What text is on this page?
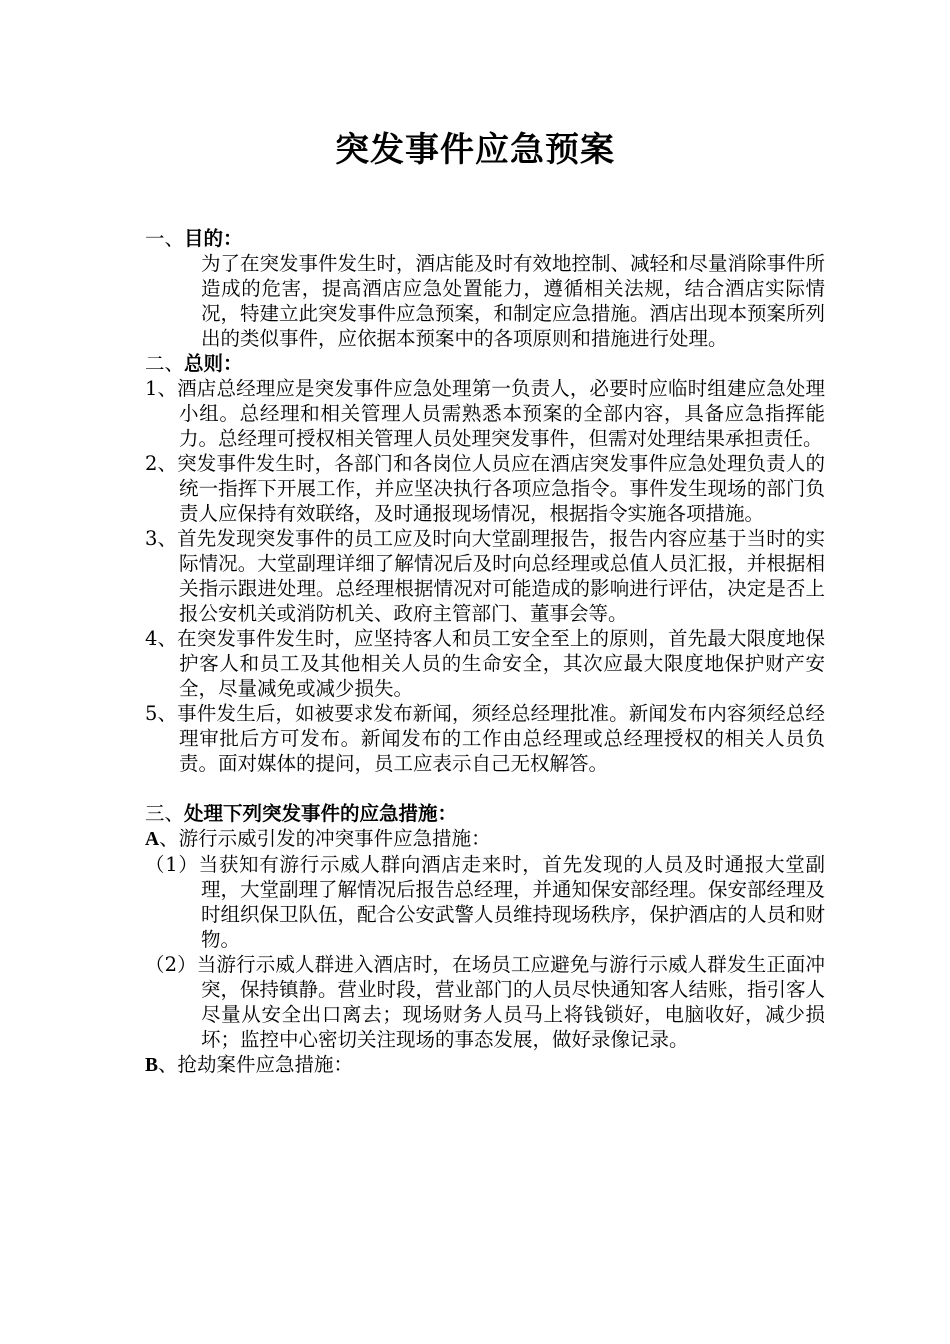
突发事件应急预案

一、目的：

为了在突发事件发生时，酒店能及时有效地控制、减轻和尽量消除事件所造成的危害，提高酒店应急处置能力，遵循相关法规，结合酒店实际情况，特建立此突发事件应急预案，和制定应急措施。酒店出现本预案所列出的类似事件，应依据本预案中的各项原则和措施进行处理。

二、总则：

1、酒店总经理应是突发事件应急处理第一负责人，必要时应临时组建应急处理小组。总经理和相关管理人员需熟悉本预案的全部内容，具备应急指挥能力。总经理可授权相关管理人员处理突发事件，但需对处理结果承担责任。

2、突发事件发生时，各部门和各岗位人员应在酒店突发事件应急处理负责人的统一指挥下开展工作，并应坚决执行各项应急指令。事件发生现场的部门负责人应保持有效联络，及时通报现场情况，根据指令实施各项措施。

3、首先发现突发事件的员工应及时向大堂副理报告，报告内容应基于当时的实际情况。大堂副理详细了解情况后及时向总经理或总值人员汇报，并根据相关指示跟进处理。总经理根据情况对可能造成的影响进行评估，决定是否上报公安机关或消防机关、政府主管部门、董事会等。

4、在突发事件发生时，应坚持客人和员工安全至上的原则，首先最大限度地保护客人和员工及其他相关人员的生命安全，其次应最大限度地保护财产安全，尽量减免或减少损失。

5、事件发生后，如被要求发布新闻，须经总经理批准。新闻发布内容须经总经理审批后方可发布。新闻发布的工作由总经理或总经理授权的相关人员负责。面对媒体的提问，员工应表示自己无权解答。

三、处理下列突发事件的应急措施：

A、游行示威引发的冲突事件应急措施：

（1）当获知有游行示威人群向酒店走来时，首先发现的人员及时通报大堂副理，大堂副理了解情况后报告总经理，并通知保安部经理。保安部经理及时组织保卫队伍，配合公安武警人员维持现场秩序，保护酒店的人员和财物。

（2）当游行示威人群进入酒店时，在场员工应避免与游行示威人群发生正面冲突，保持镇静。营业时段，营业部门的人员尽快通知客人结账，指引客人尽量从安全出口离去；现场财务人员马上将钱锁好，电脑收好，减少损坏；监控中心密切关注现场的事态发展，做好录像记录。

B、抢劫案件应急措施：
